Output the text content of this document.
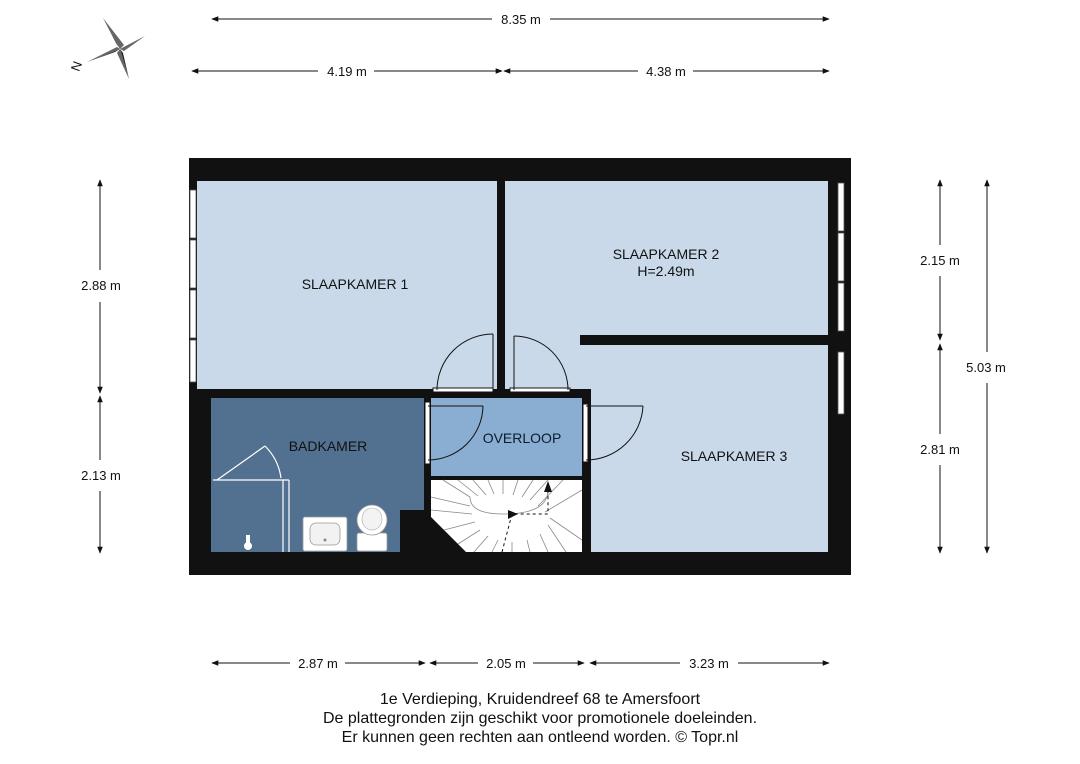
N
8.35 m
4.19 m	4.38 m
2.88 m
2.13 m
2.15 m
2.81 m
5.03 m
2.87 m	2.05 m	3.23 m
SLAAPKAMER 1
SLAAPKAMER 2
H=2.49m
SLAAPKAMER 3
BADKAMER	OVERLOOP
1e Verdieping, Kruidendreef 68 te Amersfoort
De plattegronden zijn geschikt voor promotionele doeleinden.
Er kunnen geen rechten aan ontleend worden. © Topr.nl
